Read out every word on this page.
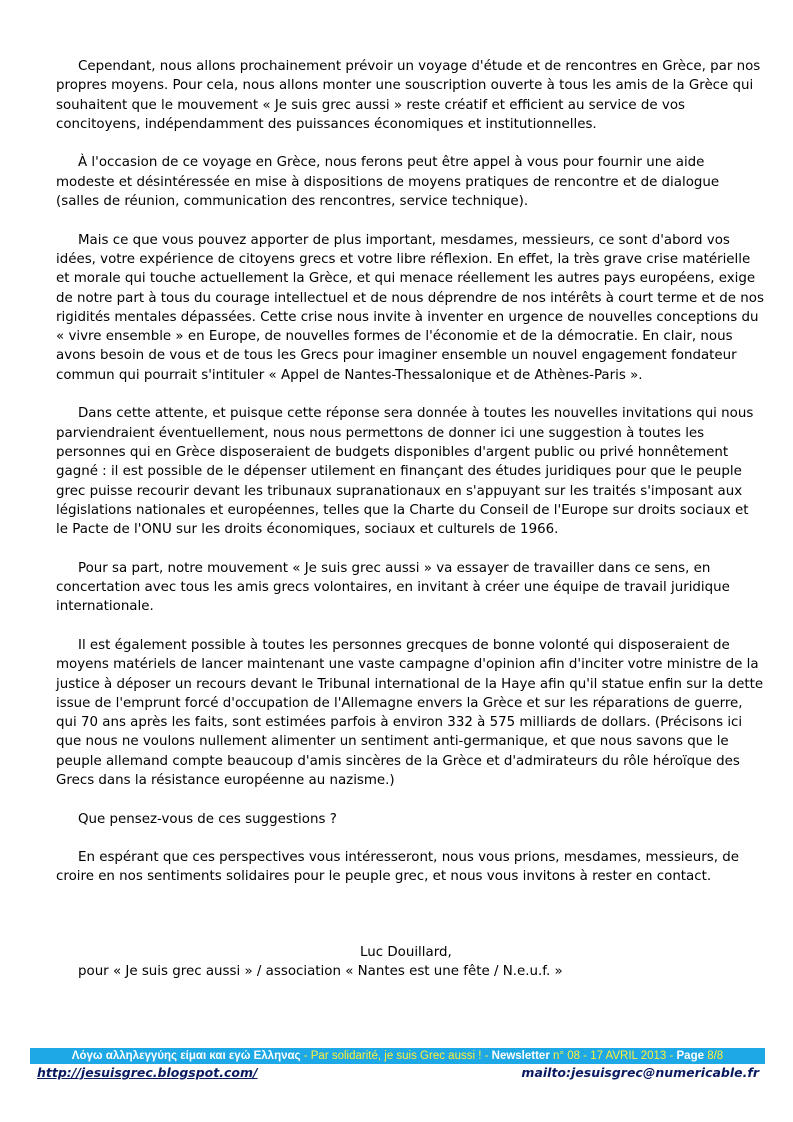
Cependant, nous allons prochainement prévoir un voyage d'étude et de rencontres en Grèce, par nos propres moyens. Pour cela, nous allons monter une souscription ouverte à tous les amis de la Grèce qui souhaitent que le mouvement « Je suis grec aussi » reste créatif et efficient au service de vos concitoyens, indépendamment des puissances économiques et institutionnelles.

À l'occasion de ce voyage en Grèce, nous ferons peut être appel à vous pour fournir une aide modeste et désintéressée en mise à dispositions de moyens pratiques de rencontre et de dialogue (salles de réunion, communication des rencontres, service technique).

Mais ce que vous pouvez apporter de plus important, mesdames, messieurs, ce sont d'abord vos idées, votre expérience de citoyens grecs et votre libre réflexion. En effet, la très grave crise matérielle et morale qui touche actuellement la Grèce, et qui menace réellement les autres pays européens, exige de notre part à tous du courage intellectuel et de nous déprendre de nos intérêts à court terme et de nos rigidités mentales dépassées. Cette crise nous invite à inventer en urgence de nouvelles conceptions du « vivre ensemble » en Europe, de nouvelles formes de l'économie et de la démocratie. En clair, nous avons besoin de vous et de tous les Grecs pour imaginer ensemble un nouvel engagement fondateur commun qui pourrait s'intituler « Appel de Nantes-Thessalonique et de Athènes-Paris ».

Dans cette attente, et puisque cette réponse sera donnée à toutes les nouvelles invitations qui nous parviendraient éventuellement, nous nous permettons de donner ici une suggestion à toutes les personnes qui en Grèce disposeraient de budgets disponibles d'argent public ou privé honnêtement gagné : il est possible de le dépenser utilement en finançant des études juridiques pour que le peuple grec puisse recourir devant les tribunaux supranationaux en s'appuyant sur les traités s'imposant aux législations nationales et européennes, telles que la Charte du Conseil de l'Europe sur droits sociaux et le Pacte de l'ONU sur les droits économiques, sociaux et culturels de 1966.

Pour sa part, notre mouvement « Je suis grec aussi » va essayer de travailler dans ce sens, en concertation avec tous les amis grecs volontaires, en invitant à créer une équipe de travail juridique internationale.

Il est également possible à toutes les personnes grecques de bonne volonté qui disposeraient de moyens matériels de lancer maintenant une vaste campagne d'opinion afin d'inciter votre ministre de la justice à déposer un recours devant le Tribunal international de la Haye afin qu'il statue enfin sur la dette issue de l'emprunt forcé d'occupation de l'Allemagne envers la Grèce et sur les réparations de guerre, qui 70 ans après les faits, sont estimées parfois à environ 332 à 575 milliards de dollars. (Précisons ici que nous ne voulons nullement alimenter un sentiment anti-germanique, et que nous savons que le peuple allemand compte beaucoup d'amis sincères de la Grèce et d'admirateurs du rôle héroïque des Grecs dans la résistance européenne au nazisme.)

Que pensez-vous de ces suggestions ?

En espérant que ces perspectives vous intéresseront, nous vous prions, mesdames, messieurs, de croire en nos sentiments solidaires pour le peuple grec, et nous vous invitons à rester en contact.

Luc Douillard,
pour « Je suis grec aussi » / association « Nantes est une fête / N.e.u.f. »
Λόγω αλληλεγγύης είμαι και εγώ Ελληνας - Par solidarité, je suis Grec aussi ! - Newsletter n° 08 - 17 AVRIL 2013 - Page 8/8
http://jesuisgrec.blogspot.com/	mailto:jesuisgrec@numericable.fr
